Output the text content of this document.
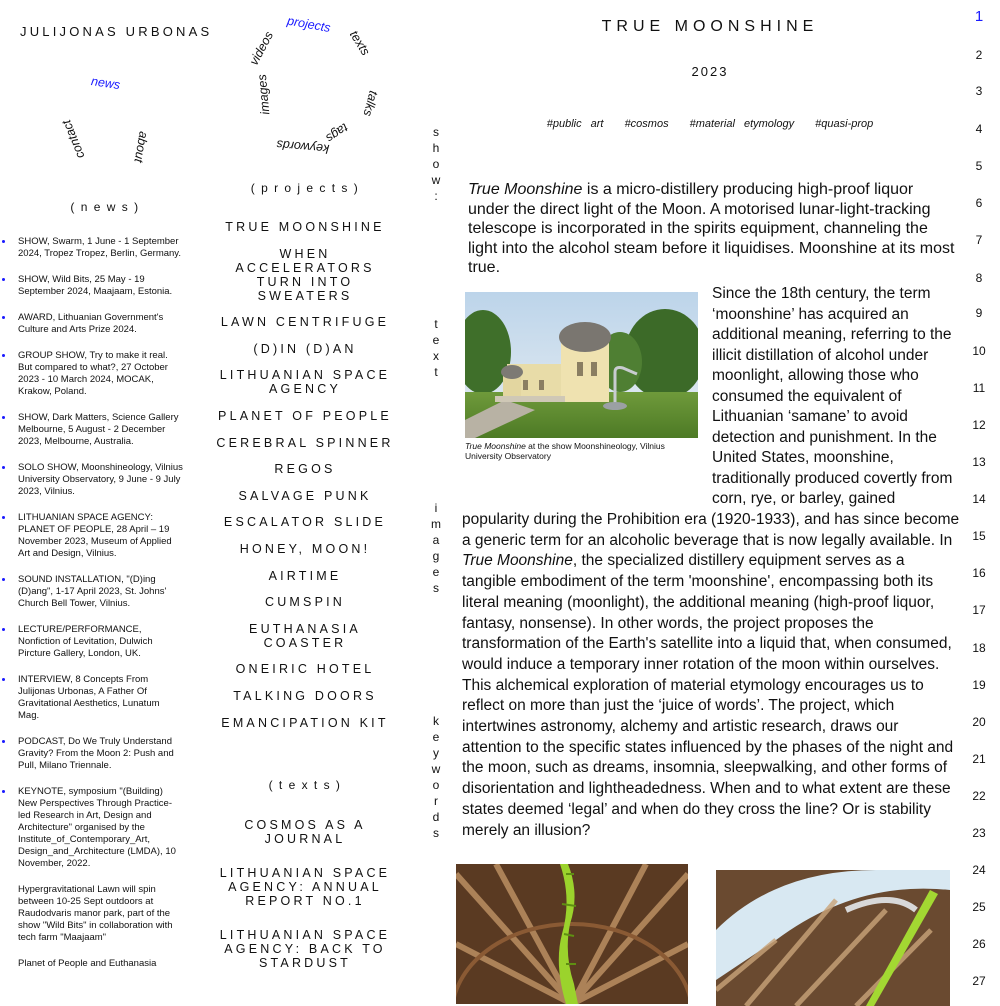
JULIJONAS URBONAS
news
about
contact
( n e w s )
SHOW, Swarm, 1 June - 1 September 2024, Tropez Tropez, Berlin, Germany.
SHOW, Wild Bits, 25 May - 19 September 2024, Maajaam, Estonia.
AWARD, Lithuanian Government's Culture and Arts Prize 2024.
GROUP SHOW, Try to make it real. But compared to what?, 27 October 2023 - 10 March 2024, MOCAK, Krakow, Poland.
SHOW, Dark Matters, Science Gallery Melbourne, 5 August - 2 December 2023, Melbourne, Australia.
SOLO SHOW, Moonshineology, Vilnius University Observatory, 9 June - 9 July 2023, Vilnius.
LITHUANIAN SPACE AGENCY: PLANET OF PEOPLE, 28 April – 19 November 2023, Museum of Applied Art and Design, Vilnius.
SOUND INSTALLATION, "(D)ing (D)ang", 1-17 April 2023, St. Johns' Church Bell Tower, Vilnius.
LECTURE/PERFORMANCE, Nonfiction of Levitation, Dulwich Pircture Gallery, London, UK.
INTERVIEW, 8 Concepts From Julijonas Urbonas, A Father Of Gravitational Aesthetics, Lunatum Mag.
PODCAST, Do We Truly Understand Gravity? From the Moon 2: Push and Pull, Milano Triennale.
KEYNOTE, symposium "(Building) New Perspectives Through Practice-led Research in Art, Design and Architecture" organised by the Institute_of_Contemporary_Art, Design_and_Architecture (LMDA), 10 November, 2022.
Hypergravitational Lawn will spin between 10-25 Sept outdoors at Raudodvaris manor park, part of the show "Wild Bits" in collaboration with tech farm "Maajaam"
Planet of People and Euthanasia
projects
texts
talks
tags
keywords
images
videos
( p r o j e c t s )
TRUE MOONSHINE
WHEN ACCELERATORS TURN INTO SWEATERS
LAWN CENTRIFUGE
(D)IN (D)AN
LITHUANIAN SPACE AGENCY
PLANET OF PEOPLE
CEREBRAL SPINNER
REGOS
SALVAGE PUNK
ESCALATOR SLIDE
HONEY, MOON!
AIRTIME
CUMSPIN
EUTHANASIA COASTER
ONEIRIC HOTEL
TALKING DOORS
EMANCIPATION KIT
( t e x t s )
COSMOS AS A JOURNAL
LITHUANIAN SPACE AGENCY: ANNUAL REPORT NO.1
LITHUANIAN SPACE AGENCY: BACK TO STARDUST
s
h
o
w
:
t
e
x
t
i
m
a
g
e
s
k
e
y
w
o
r
d
s
TRUE MOONSHINE
2023
#public art #cosmos #material etymology #quasi-prop

True Moonshine is a micro-distillery producing high-proof liquor under the direct light of the Moon. A motorised lunar-light-tracking telescope is incorporated in the spirits equipment, channeling the light into the alcohol steam before it liquidises. Moonshine at its most true.

True Moonshine at the show Moonshineology, Vilnius University Observatory

Since the 18th century, the term ‘moonshine’ has acquired an additional meaning, referring to the illicit distillation of alcohol under moonlight, allowing those who consumed the equivalent of Lithuanian ‘samane’ to avoid detection and punishment. In the United States, moonshine, traditionally produced covertly from corn, rye, or barley, gained

popularity during the Prohibition era (1920-1933), and has since become a generic term for an alcoholic beverage that is now legally available. In True Moonshine, the specialized distillery equipment serves as a tangible embodiment of the term 'moonshine', encompassing both its literal meaning (moonlight), the additional meaning (high-proof liquor, fantasy, nonsense). In other words, the project proposes the transformation of the Earth's satellite into a liquid that, when consumed, would induce a temporary inner rotation of the moon within ourselves. This alchemical exploration of material etymology encourages us to reflect on more than just the ‘juice of words’. The project, which intertwines astronomy, alchemy and artistic research, draws our attention to the specific states influenced by the phases of the night and the moon, such as dreams, insomnia, sleepwalking, and other forms of disorientation and lightheadedness. When and to what extent are these states deemed ‘legal’ and when do they cross the line? Or is stability merely an illusion?

1
2
3
4
5
6
7
8
9
10
11
12
13
14
15
16
17
18
19
20
21
22
23
24
25
26
27
